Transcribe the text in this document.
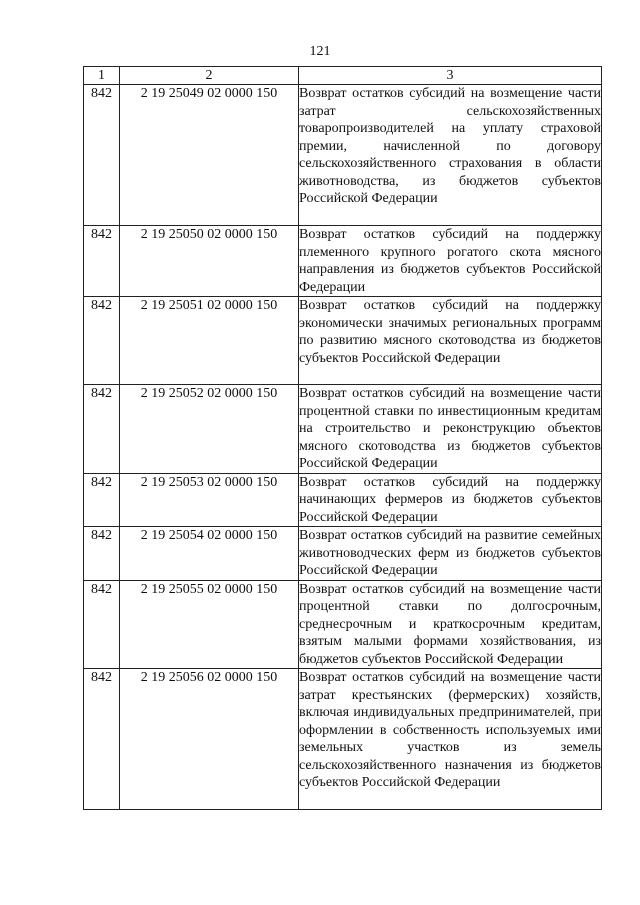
121
1	2	3
842	2 19 25049 02 0000 150	Возврат остатков субсидий на возмещение части затрат сельскохозяйственных товаропроизводителей на уплату страховой премии, начисленной по договору сельскохозяйственного страхования в области животноводства, из бюджетов субъектов Российской Федерации
842	2 19 25050 02 0000 150	Возврат остатков субсидий на поддержку племенного крупного рогатого скота мясного направления из бюджетов субъектов Российской Федерации
842	2 19 25051 02 0000 150	Возврат остатков субсидий на поддержку экономически значимых региональных программ по развитию мясного скотоводства из бюджетов субъектов Российской Федерации
842	2 19 25052 02 0000 150	Возврат остатков субсидий на возмещение части процентной ставки по инвестиционным кредитам на строительство и реконструкцию объектов мясного скотоводства из бюджетов субъектов Российской Федерации
842	2 19 25053 02 0000 150	Возврат остатков субсидий на поддержку начинающих фермеров из бюджетов субъектов Российской Федерации
842	2 19 25054 02 0000 150	Возврат остатков субсидий на развитие семейных животноводческих ферм из бюджетов субъектов Российской Федерации
842	2 19 25055 02 0000 150	Возврат остатков субсидий на возмещение части процентной ставки по долгосрочным, среднесрочным и краткосрочным кредитам, взятым малыми формами хозяйствования, из бюджетов субъектов Российской Федерации
842	2 19 25056 02 0000 150	Возврат остатков субсидий на возмещение части затрат крестьянских (фермерских) хозяйств, включая индивидуальных предпринимателей, при оформлении в собственность используемых ими земельных участков из земель сельскохозяйственного назначения из бюджетов субъектов Российской Федерации
